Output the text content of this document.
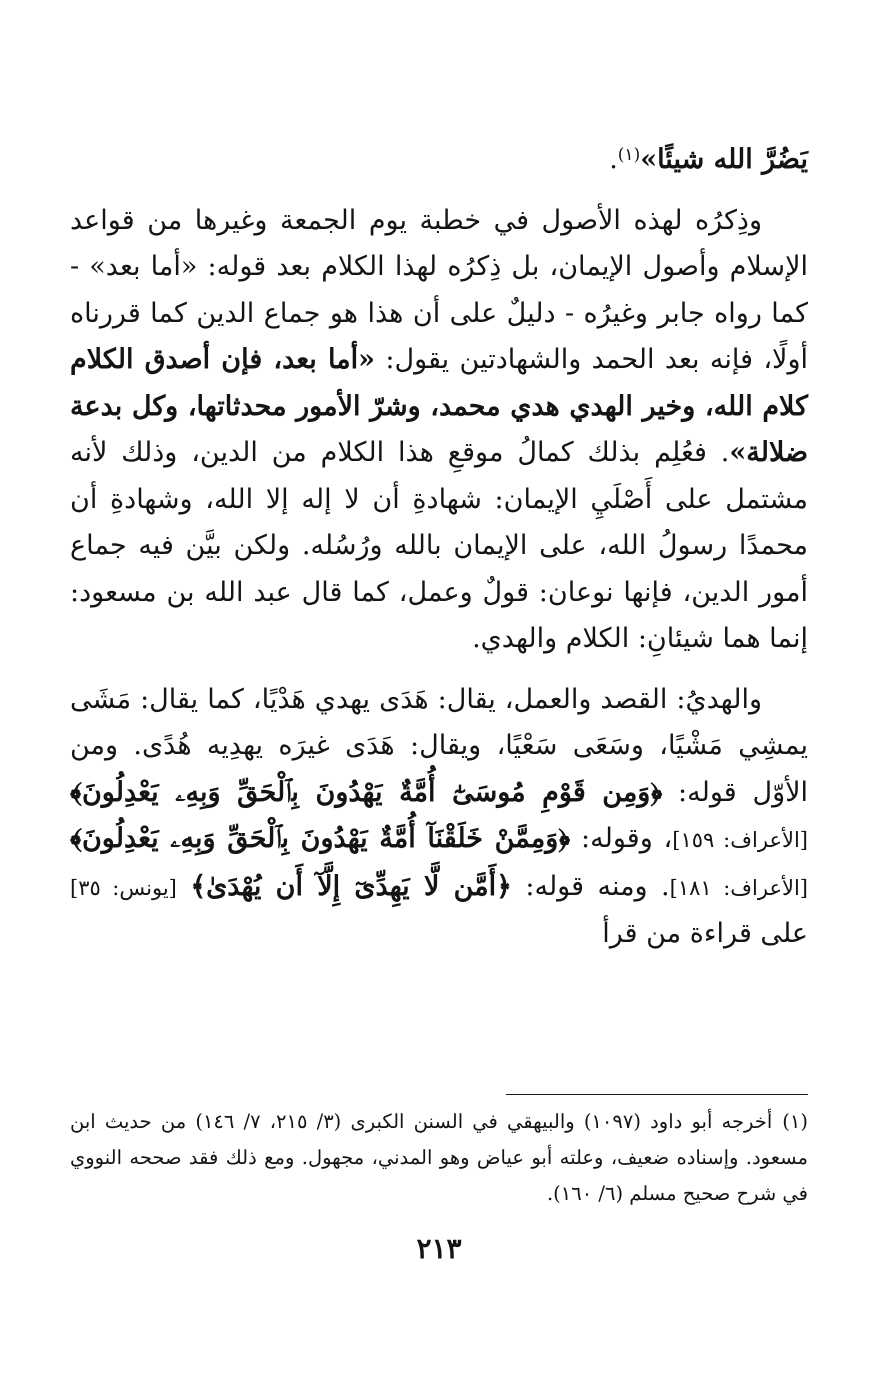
يَضُرَّ الله شيئًا»$^{(١)}$.

وذِكرُه لهذه الأصول في خطبة يوم الجمعة وغيرها من قواعد الإسلام وأصول الإيمان، بل ذِكرُه لهذا الكلام بعد قوله: «أما بعد» - كما رواه جابر وغيرُه - دليلٌ على أن هذا هو جماع الدين كما قررناه أولًا، فإنه بعد الحمد والشهادتين يقول: «أما بعد، فإن أصدق الكلام كلام الله، وخير الهدي هدي محمد، وشرّ الأمور محدثاتها، وكل بدعة ضلالة». فعُلِم بذلك كمالُ موقعِ هذا الكلام من الدين، وذلك لأنه مشتمل على أَصْلَيِ الإيمان: شهادةِ أن لا إله إلا الله، وشهادةِ أن محمدًا رسولُ الله، على الإيمان بالله ورُسُله. ولكن بيَّن فيه جماع أمور الدين، فإنها نوعان: قولٌ وعمل، كما قال عبد الله بن مسعود: إنما هما شيئانِ: الكلام والهدي.

والهديُ: القصد والعمل، يقال: هَدَى يهدي هَدْيًا، كما يقال: مَشَى يمشِي مَشْيًا، وسَعَى سَعْيًا، ويقال: هَدَى غيرَه يهدِيه هُدًى. ومن الأوّل قوله: ﴿وَمِن قَوْمِ مُوسَىٰٓ أُمَّةٌ يَهْدُونَ بِٱلْحَقِّ وَبِهِۦ يَعْدِلُونَ﴾ [الأعراف: ١٥٩]، وقوله: ﴿وَمِمَّنْ خَلَقْنَآ أُمَّةٌ يَهْدُونَ بِٱلْحَقِّ وَبِهِۦ يَعْدِلُونَ﴾ [الأعراف: ١٨١]. ومنه قوله: ﴿أَمَّن لَّا يَهِدِّىٓ إِلَّآ أَن يُهْدَىٰ﴾ [يونس: ٣٥] على قراءة من قرأ

(١)أخرجه أبو داود (١٠٩٧) والبيهقي في السنن الكبرى (٣/ ٢١٥، ٧/ ١٤٦) من حديث ابن مسعود. وإسناده ضعيف، وعلته أبو عياض وهو المدني، مجهول. ومع ذلك فقد صححه النووي في شرح صحيح مسلم (٦/ ١٦٠).

٢١٣
